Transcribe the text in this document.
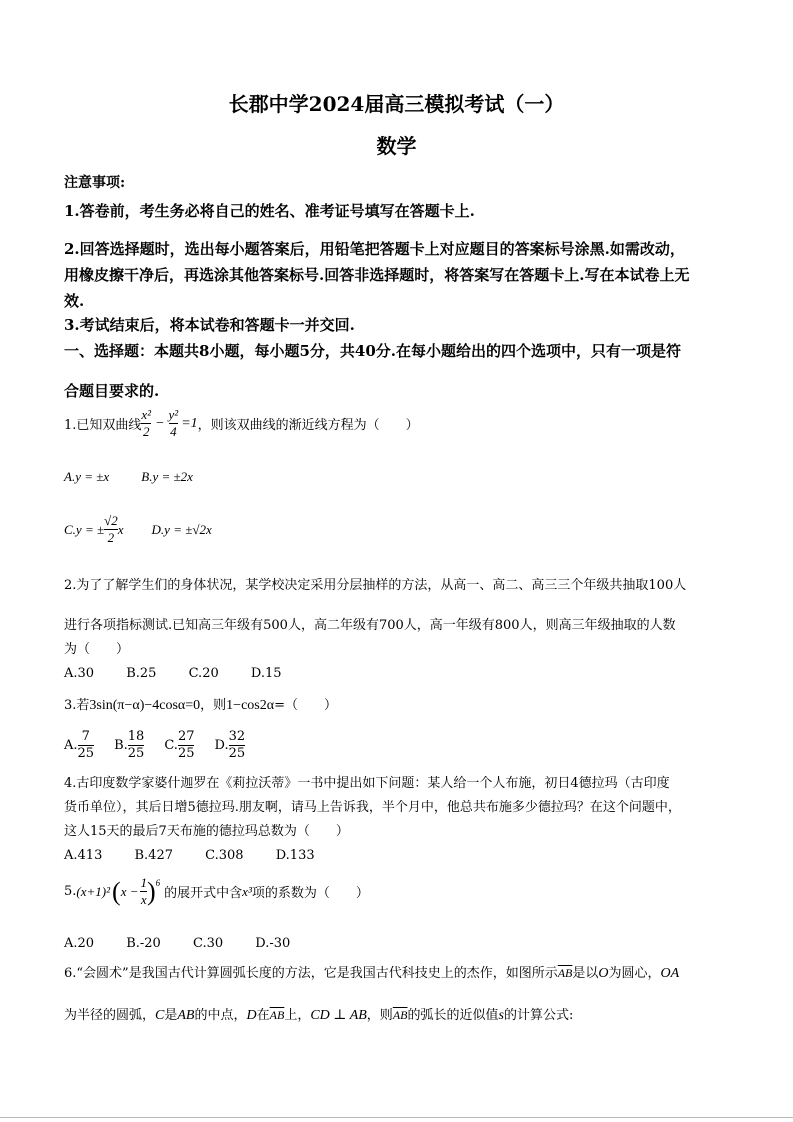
长郡中学2024届高三模拟考试（一）
数学
注意事项:
1.答卷前，考生务必将自己的姓名、准考证号填写在答题卡上.
2.回答选择题时，选出每小题答案后，用铅笔把答题卡上对应题目的答案标号涂黑.如需改动，
用橡皮擦干净后，再选涂其他答案标号.回答非选择题时，将答案写在答题卡上.写在本试卷上无
效.
3.考试结束后，将本试卷和答题卡一并交回.
一、选择题：本题共8小题，每小题5分，共40分.在每小题给出的四个选项中，只有一项是符
合题目要求的.
1.已知双曲线 $\frac{\text{x²}}{2} - \frac{\text{y²}}{4} =1$ ，则该双曲线的渐近线方程为（　　）
A.y = ±x B.y = ±2x
C. y = ± $\frac{√2}{2}$ x D.y = ±√2x
2.为了了解学生们的身体状况，某学校决定采用分层抽样的方法，从高一、高二、高三三个年级共抽取100人
进行各项指标测试.已知高三年级有500人，高二年级有700人，高一年级有800人，则高三年级抽取的人数
为（　　）
A.30 B.25 C.20 D.15
3.若3sin(π−α)−4cosα=0，则1−cos2α=（　　）
A. $\frac{7}{25} B$. $\frac{18}{25} C$. $\frac{27}{25} D$. $\frac{32}{25}$
4.古印度数学家婆什迦罗在《莉拉沃蒂》一书中提出如下问题：某人给一个人布施，初日4德拉玛（古印度
货币单位），其后日增5德拉玛.朋友啊，请马上告诉我，半个月中，他总共布施多少德拉玛？在这个问题中，
这人15天的最后7天布施的德拉玛总数为（　　）
A.413 B.427 C.308 D.133
5. (x+1)² ( $x - \frac{1}{x}$ ) 6
的展开式中含 x³ 项的系数为（　　）
A.20 B.-20 C.30 D.-30
6.“会圆术”是我国古代计算圆弧长度的方法，它是我国古代科技史上的杰作，如图所示$\overline{AB}$是以O为圆心，OA
为半径的圆弧，C是AB的中点，D在$\overline{AB}$上，CD ⊥ AB，则$\overline{AB}$的弧长的近似值s的计算公式:
